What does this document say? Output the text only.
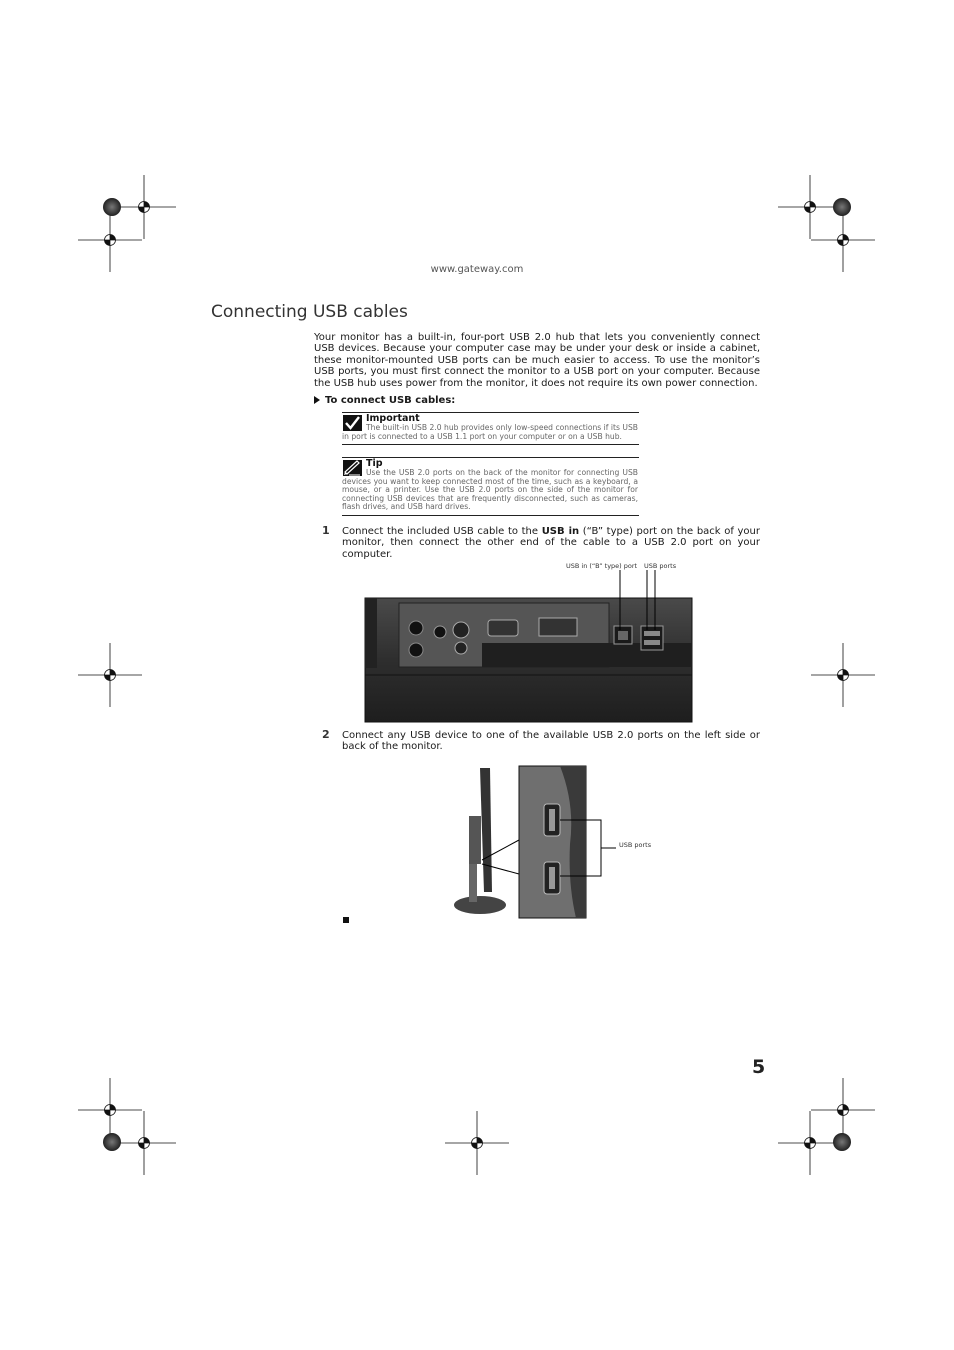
www.gateway.com
Connecting USB cables
Your monitor has a built-in, four-port USB 2.0 hub that lets you conveniently connect USB devices. Because your computer case may be under your desk or inside a cabinet, these monitor-mounted USB ports can be much easier to access. To use the monitor’s USB ports, you must first connect the monitor to a USB port on your computer. Because the USB hub uses power from the monitor, it does not require its own power connection.
To connect USB cables:
Important
The built-in USB 2.0 hub provides only low-speed connections if its USB in port is connected to a USB 1.1 port on your computer or on a USB hub.
Tip
Use the USB 2.0 ports on the back of the monitor for connecting USB devices you want to keep connected most of the time, such as a keyboard, a mouse, or a printer. Use the USB 2.0 ports on the side of the monitor for connecting USB devices that are frequently disconnected, such as cameras, flash drives, and USB hard drives.
1 Connect the included USB cable to the USB in (“B” type) port on the back of your monitor, then connect the other end of the cable to a USB 2.0 port on your computer.
USB in (“B” type) port USB ports
2 Connect any USB device to one of the available USB 2.0 ports on the left side or back of the monitor.
USB ports
5
